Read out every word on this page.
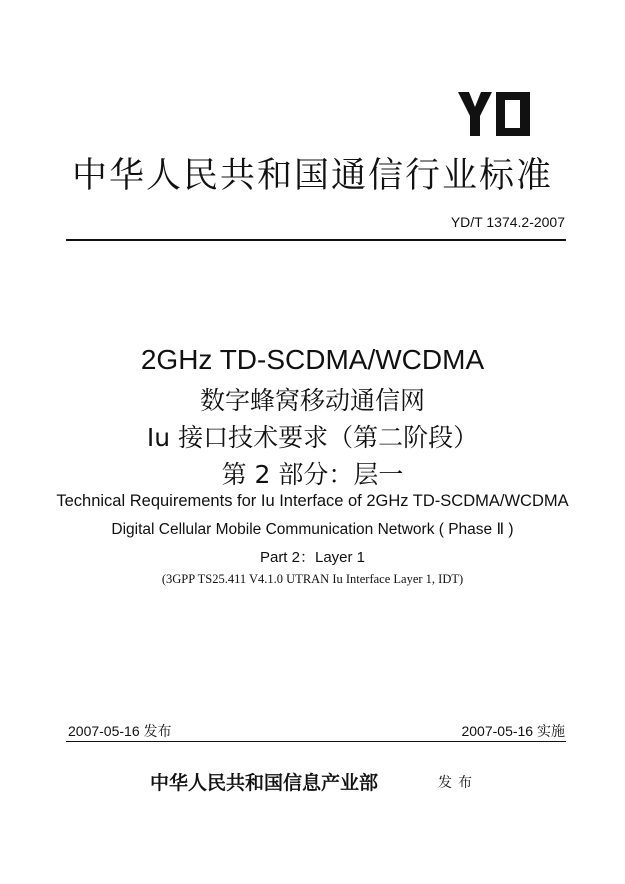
中华人民共和国通信行业标准
YD/T 1374.2-2007
2GHz TD-SCDMA/WCDMA
数字蜂窝移动通信网
Iu 接口技术要求（第二阶段）
第 2 部分：层一
Technical Requirements for Iu Interface of 2GHz TD-SCDMA/WCDMA
Digital Cellular Mobile Communication Network ( Phase Ⅱ )
Part 2：Layer 1
(3GPP TS25.411 V4.1.0 UTRAN Iu Interface Layer 1, IDT)
2007-05-16 发布	2007-05-16 实施
中华人民共和国信息产业部	发布
